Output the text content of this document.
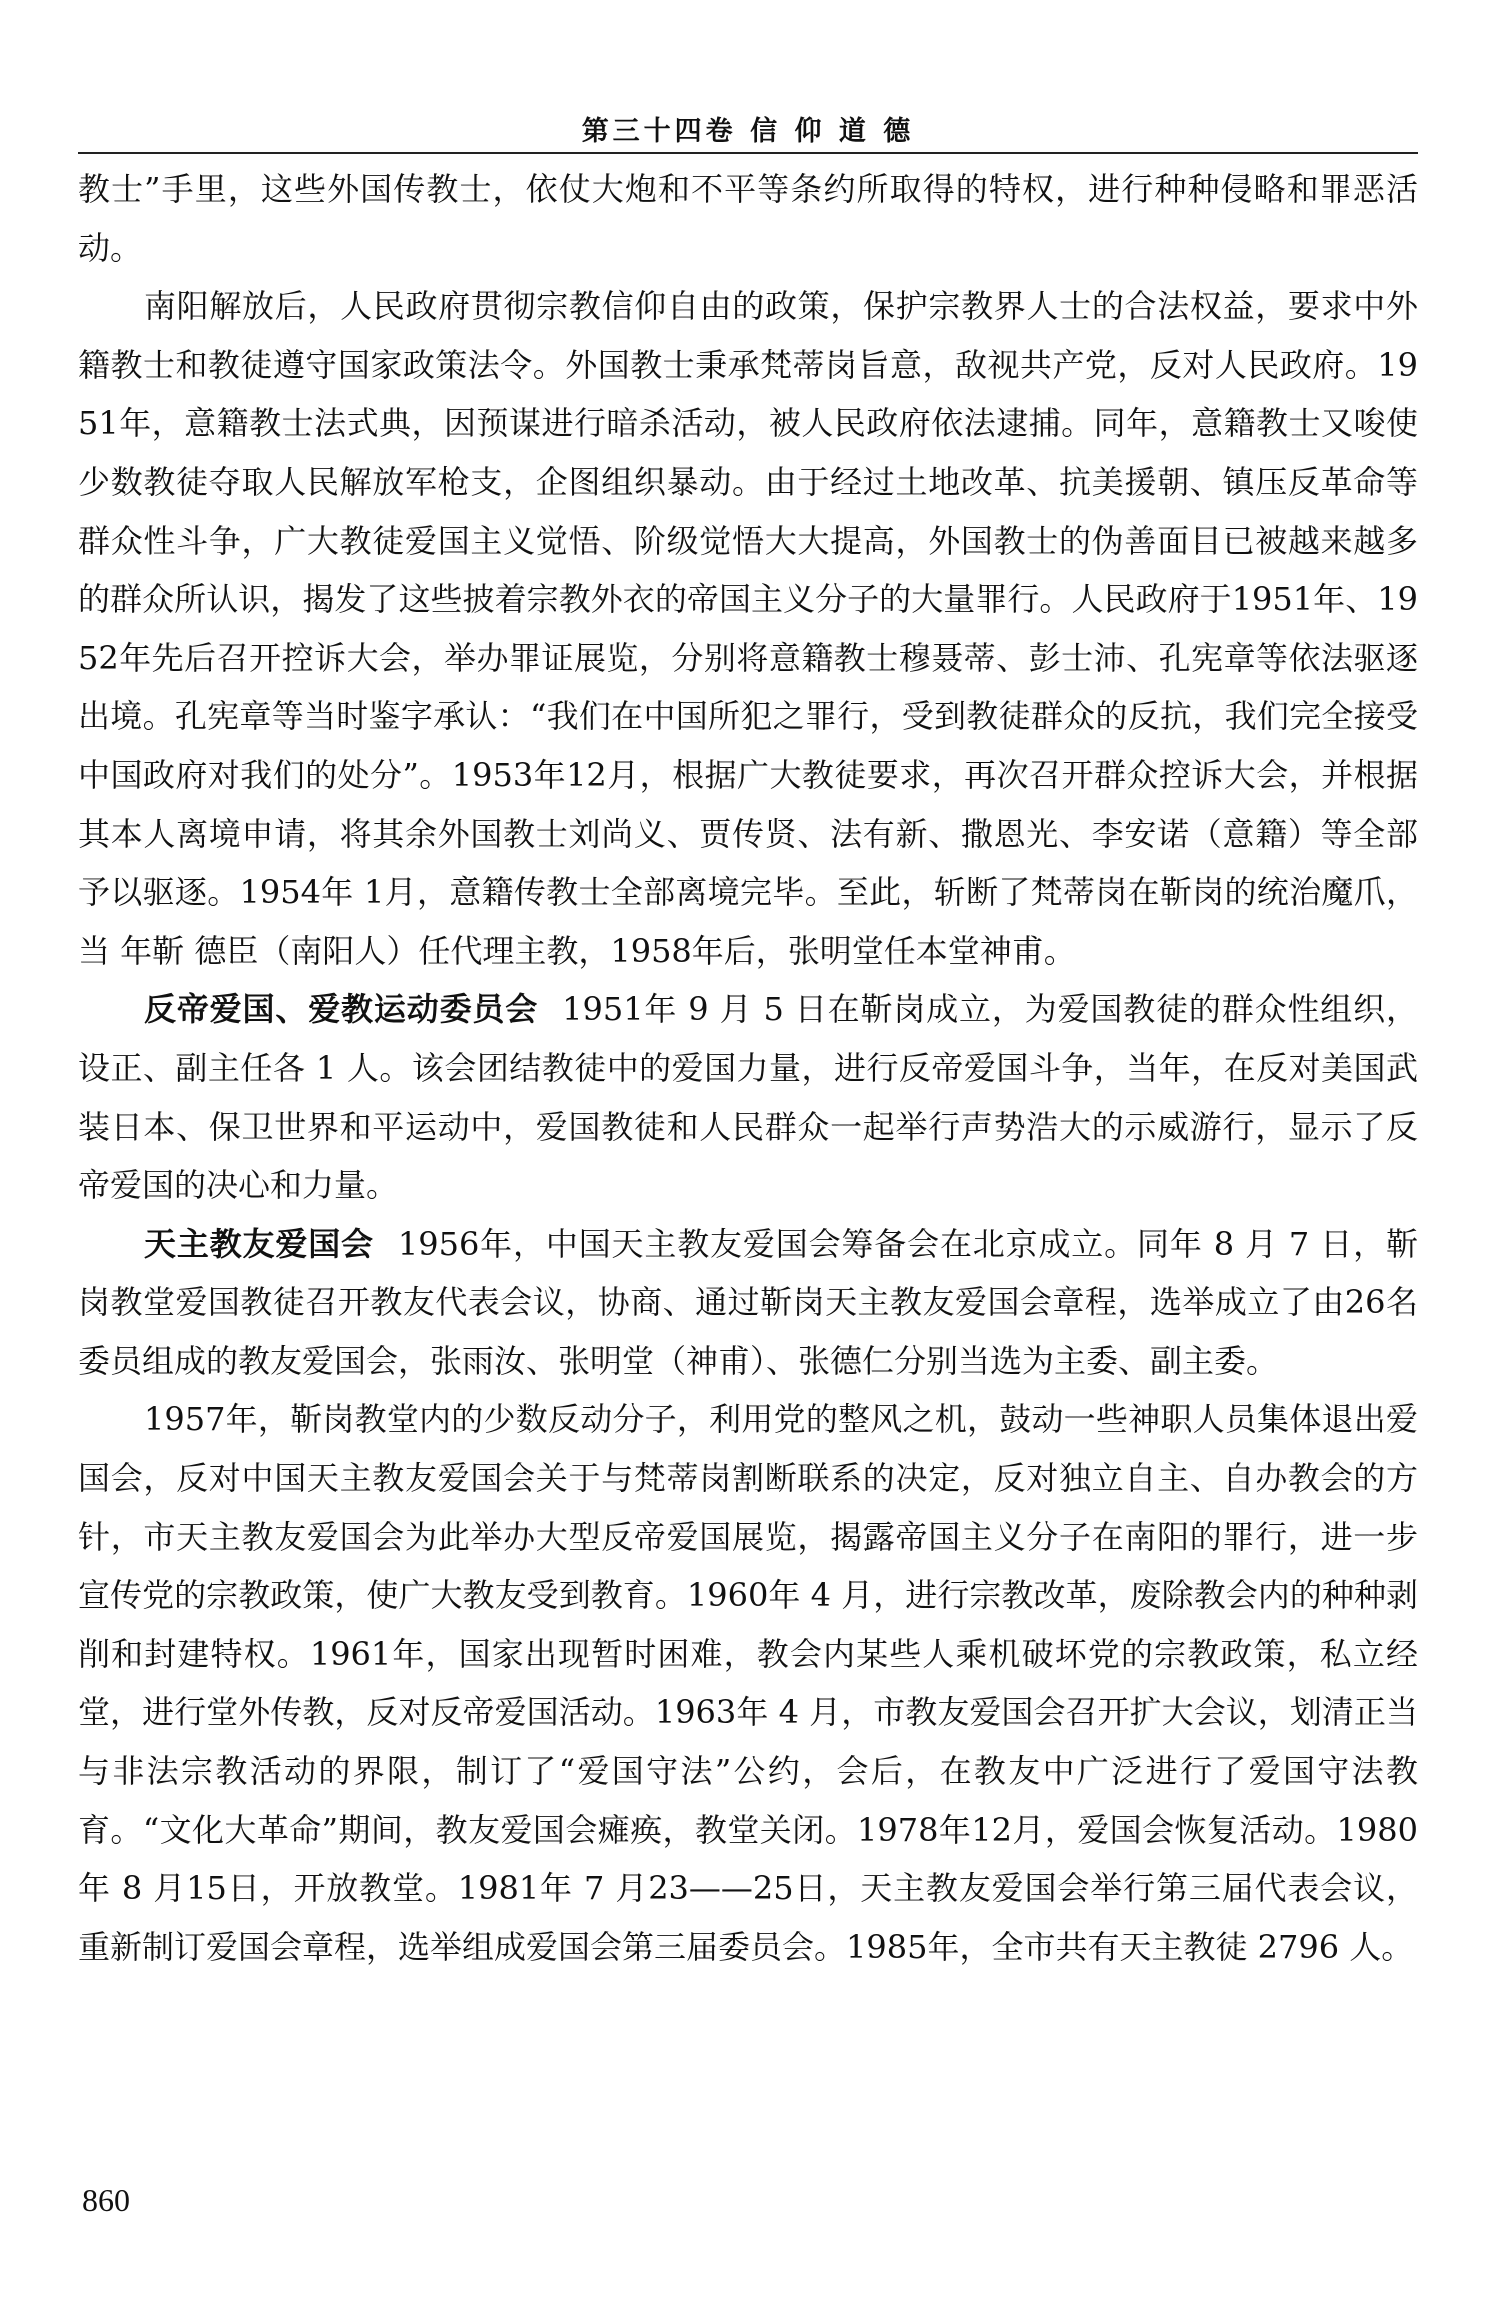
第三十四卷 信 仰 道 德

教士”手里，这些外国传教士，依仗大炮和不平等条约所取得的特权，进行种种侵略和罪恶活动。

南阳解放后，人民政府贯彻宗教信仰自由的政策，保护宗教界人士的合法权益，要求中外籍教士和教徒遵守国家政策法令。外国教士秉承梵蒂岗旨意，敌视共产党，反对人民政府。1951年，意籍教士法式典，因预谋进行暗杀活动，被人民政府依法逮捕。同年，意籍教士又唆使少数教徒夺取人民解放军枪支，企图组织暴动。由于经过土地改革、抗美援朝、镇压反革命等群众性斗争，广大教徒爱国主义觉悟、阶级觉悟大大提高，外国教士的伪善面目已被越来越多的群众所认识，揭发了这些披着宗教外衣的帝国主义分子的大量罪行。人民政府于1951年、1952年先后召开控诉大会，举办罪证展览，分别将意籍教士穆聂蒂、彭士沛、孔宪章等依法驱逐出境。孔宪章等当时鉴字承认：“我们在中国所犯之罪行，受到教徒群众的反抗，我们完全接受中国政府对我们的处分”。1953年12月，根据广大教徒要求，再次召开群众控诉大会，并根据其本人离境申请，将其余外国教士刘尚义、贾传贤、法有新、撒恩光、李安诺（意籍）等全部予以驱逐。1954年 1月，意籍传教士全部离境完毕。至此，斩断了梵蒂岗在靳岗的统治魔爪，当 年靳 德臣（南阳人）任代理主教，1958年后，张明堂任本堂神甫。

反帝爱国、爱教运动委员会 1951年 9 月 5 日在靳岗成立，为爱国教徒的群众性组织，设正、副主任各 1 人。该会团结教徒中的爱国力量，进行反帝爱国斗争，当年，在反对美国武装日本、保卫世界和平运动中，爱国教徒和人民群众一起举行声势浩大的示威游行，显示了反帝爱国的决心和力量。

天主教友爱国会 1956年，中国天主教友爱国会筹备会在北京成立。同年 8 月 7 日，靳岗教堂爱国教徒召开教友代表会议，协商、通过靳岗天主教友爱国会章程，选举成立了由26名委员组成的教友爱国会，张雨汝、张明堂（神甫）、张德仁分别当选为主委、副主委。

1957年，靳岗教堂内的少数反动分子，利用党的整风之机，鼓动一些神职人员集体退出爱国会，反对中国天主教友爱国会关于与梵蒂岗割断联系的决定，反对独立自主、自办教会的方针，市天主教友爱国会为此举办大型反帝爱国展览，揭露帝国主义分子在南阳的罪行，进一步宣传党的宗教政策，使广大教友受到教育。1960年 4 月，进行宗教改革，废除教会内的种种剥削和封建特权。1961年，国家出现暂时困难，教会内某些人乘机破坏党的宗教政策，私立经堂，进行堂外传教，反对反帝爱国活动。1963年 4 月，市教友爱国会召开扩大会议，划清正当与非法宗教活动的界限，制订了“爱国守法”公约，会后，在教友中广泛进行了爱国守法教育。“文化大革命”期间，教友爱国会瘫痪，教堂关闭。1978年12月，爱国会恢复活动。1980年 8 月15日，开放教堂。1981年 7 月23——25日，天主教友爱国会举行第三届代表会议，重新制订爱国会章程，选举组成爱国会第三届委员会。1985年，全市共有天主教徒 2796 人。

860
